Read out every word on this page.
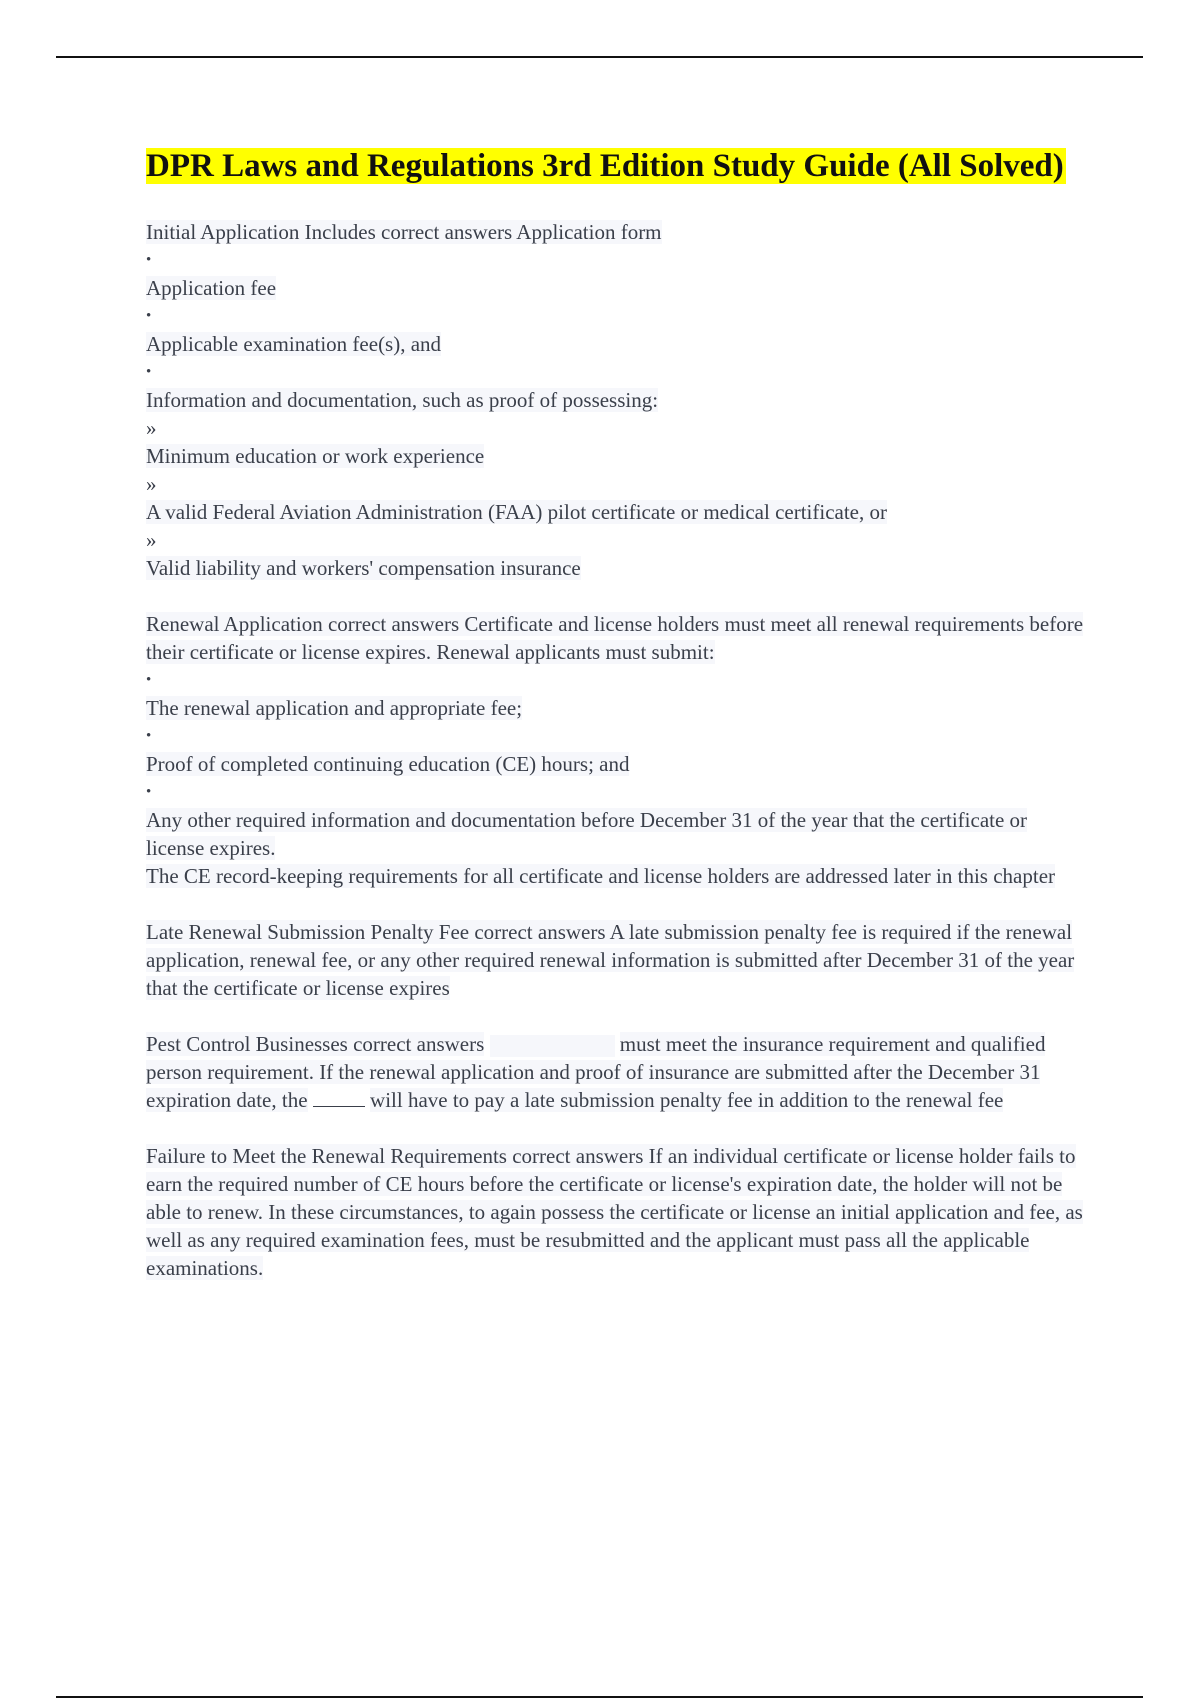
DPR Laws and Regulations 3rd Edition Study Guide (All Solved)

Initial Application Includes correct answers Application form

•

Application fee

•

Applicable examination fee(s), and

•

Information and documentation, such as proof of possessing:

»

Minimum education or work experience

»

A valid Federal Aviation Administration (FAA) pilot certificate or medical certificate, or

»

Valid liability and workers' compensation insurance

Renewal Application correct answers Certificate and license holders must meet all renewal requirements before their certificate or license expires. Renewal applicants must submit:

•

The renewal application and appropriate fee;

•

Proof of completed continuing education (CE) hours; and

•

Any other required information and documentation before December 31 of the year that the certificate or license expires.

The CE record-keeping requirements for all certificate and license holders are addressed later in this chapter

Late Renewal Submission Penalty Fee correct answers A late submission penalty fee is required if the renewal application, renewal fee, or any other required renewal information is submitted after December 31 of the year that the certificate or license expires

Pest Control Businesses correct answers	must meet the insurance requirement and qualified person requirement. If the renewal application and proof of insurance are submitted after the December 31 expiration date, the	will have to pay a late submission penalty fee in addition to the renewal fee

Failure to Meet the Renewal Requirements correct answers If an individual certificate or license holder fails to earn the required number of CE hours before the certificate or license's expiration date, the holder will not be able to renew. In these circumstances, to again possess the certificate or license an initial application and fee, as well as any required examination fees, must be resubmitted and the applicant must pass all the applicable examinations.
